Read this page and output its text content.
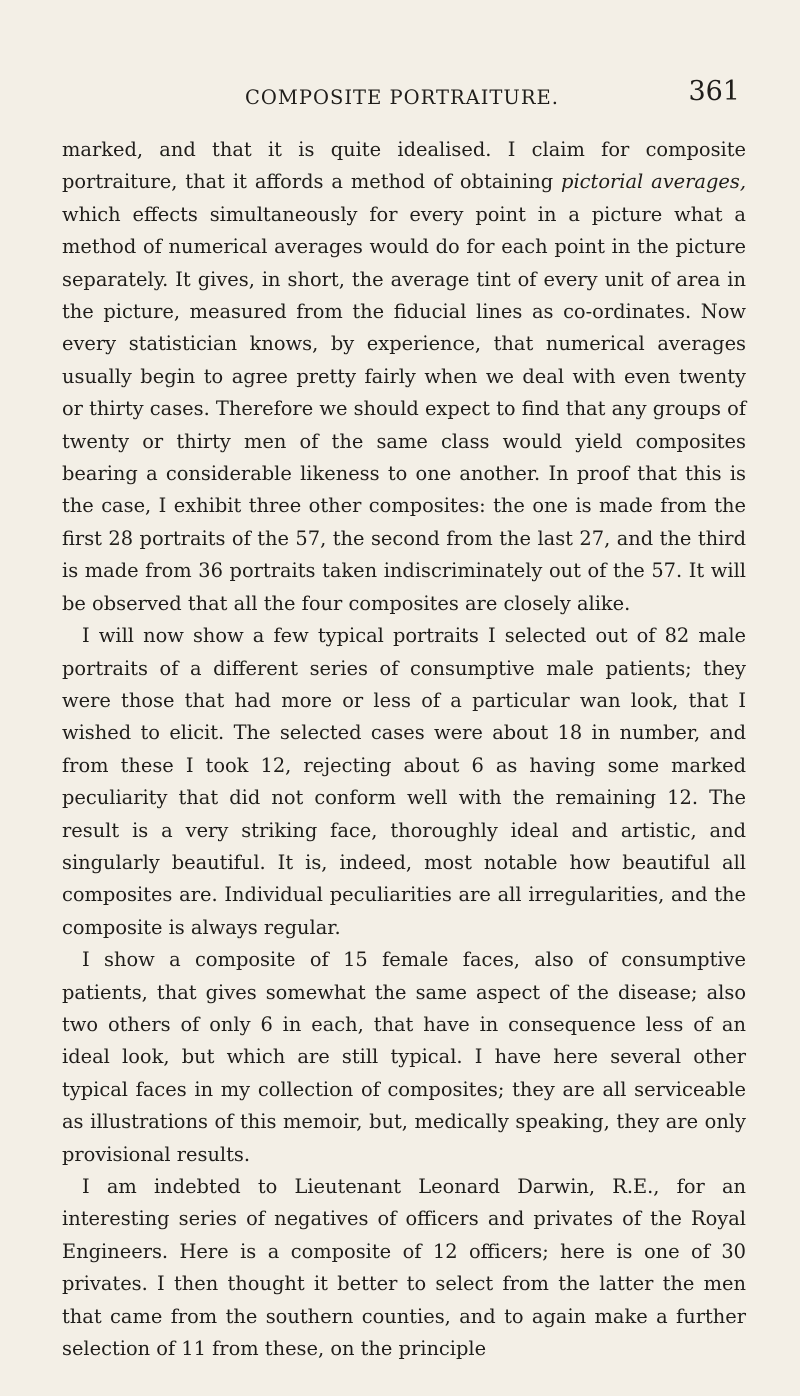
COMPOSITE PORTRAITURE.	361

marked, and that it is quite idealised. I claim for composite portraiture, that it affords a method of obtaining pictorial averages, which effects simultaneously for every point in a picture what a method of numerical averages would do for each point in the picture separately. It gives, in short, the average tint of every unit of area in the picture, measured from the fiducial lines as co-ordinates. Now every statistician knows, by experience, that numerical averages usually begin to agree pretty fairly when we deal with even twenty or thirty cases. Therefore we should expect to find that any groups of twenty or thirty men of the same class would yield composites bearing a considerable likeness to one another. In proof that this is the case, I exhibit three other composites: the one is made from the first 28 portraits of the 57, the second from the last 27, and the third is made from 36 portraits taken indiscriminately out of the 57. It will be observed that all the four composites are closely alike.

I will now show a few typical portraits I selected out of 82 male portraits of a different series of consumptive male patients; they were those that had more or less of a particular wan look, that I wished to elicit. The selected cases were about 18 in number, and from these I took 12, rejecting about 6 as having some marked peculiarity that did not conform well with the remaining 12. The result is a very striking face, thoroughly ideal and artistic, and singularly beautiful. It is, indeed, most notable how beautiful all composites are. Individual peculiarities are all irregularities, and the composite is always regular.

I show a composite of 15 female faces, also of consumptive patients, that gives somewhat the same aspect of the disease; also two others of only 6 in each, that have in consequence less of an ideal look, but which are still typical. I have here several other typical faces in my collection of composites; they are all serviceable as illustrations of this memoir, but, medically speaking, they are only provisional results.

I am indebted to Lieutenant Leonard Darwin, R.E., for an interesting series of negatives of officers and privates of the Royal Engineers. Here is a composite of 12 officers; here is one of 30 privates. I then thought it better to select from the latter the men that came from the southern counties, and to again make a further selection of 11 from these, on the principle
